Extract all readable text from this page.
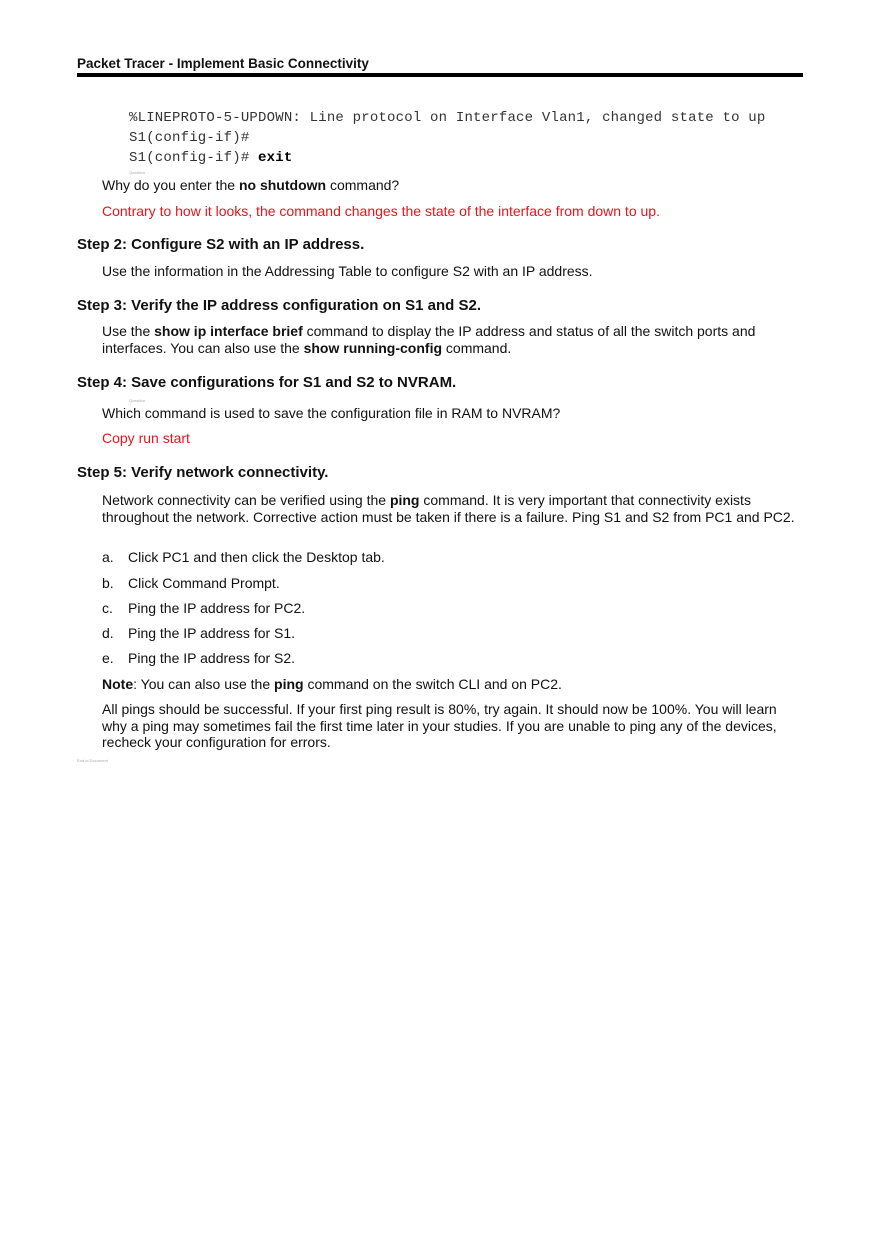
Packet Tracer - Implement Basic Connectivity
%LINEPROTO-5-UPDOWN: Line protocol on Interface Vlan1, changed state to up
S1(config-if)#
S1(config-if)# exit
Question
Why do you enter the no shutdown command?
Contrary to how it looks, the command changes the state of the interface from down to up.
Step 2: Configure S2 with an IP address.
Use the information in the Addressing Table to configure S2 with an IP address.
Step 3: Verify the IP address configuration on S1 and S2.
Use the show ip interface brief command to display the IP address and status of all the switch ports and interfaces. You can also use the show running-config command.
Step 4: Save configurations for S1 and S2 to NVRAM.
Question
Which command is used to save the configuration file in RAM to NVRAM?
Copy run start
Step 5: Verify network connectivity.
Network connectivity can be verified using the ping command. It is very important that connectivity exists throughout the network. Corrective action must be taken if there is a failure. Ping S1 and S2 from PC1 and PC2.
a. Click PC1 and then click the Desktop tab.
b. Click Command Prompt.
c. Ping the IP address for PC2.
d. Ping the IP address for S1.
e. Ping the IP address for S2.
Note: You can also use the ping command on the switch CLI and on PC2.
All pings should be successful. If your first ping result is 80%, try again. It should now be 100%. You will learn why a ping may sometimes fail the first time later in your studies. If you are unable to ping any of the devices, recheck your configuration for errors.
End of Document
